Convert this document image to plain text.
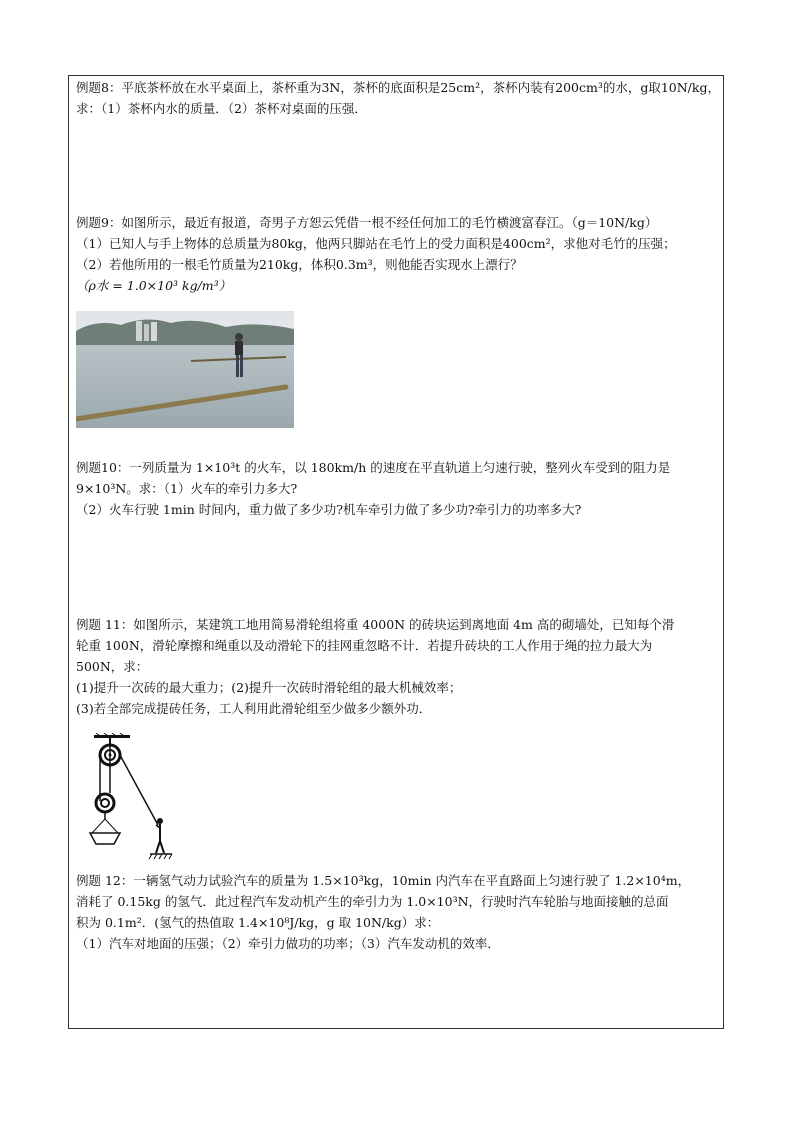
例题8：平底茶杯放在水平桌面上，茶杯重为3N，茶杯的底面积是25cm²，茶杯内装有200cm³的水，g取10N/kg，
求：（1）茶杯内水的质量．（2）茶杯对桌面的压强．
例题9：如图所示，最近有报道，奇男子方恕云凭借一根不经任何加工的毛竹横渡富春江。（g＝10N/kg）
（1）已知人与手上物体的总质量为80kg，他两只脚站在毛竹上的受力面积是400cm²，求他对毛竹的压强；
（2）若他所用的一根毛竹质量为210kg，体积0.3m³，则他能否实现水上漂行？
（ρ水 = 1.0×10³ kg/m³）
例题10：一列质量为 1×10³t 的火车，以 180km/h 的速度在平直轨道上匀速行驶，整列火车受到的阻力是
9×10³N。求：（1）火车的牵引力多大?
（2）火车行驶 1min 时间内，重力做了多少功?机车牵引力做了多少功?牵引力的功率多大?
例题 11：如图所示，某建筑工地用简易滑轮组将重 4000N 的砖块运到离地面 4m 高的砌墙处，已知每个滑
轮重 100N，滑轮摩擦和绳重以及动滑轮下的挂网重忽略不计．若提升砖块的工人作用于绳的拉力最大为
500N，求：
(1)提升一次砖的最大重力；(2)提升一次砖时滑轮组的最大机械效率；
(3)若全部完成提砖任务，工人利用此滑轮组至少做多少额外功．
例题 12：一辆氢气动力试验汽车的质量为 1.5×10³kg，10min 内汽车在平直路面上匀速行驶了 1.2×10⁴m，
消耗了 0.15kg 的氢气．此过程汽车发动机产生的牵引力为 1.0×10³N，行驶时汽车轮胎与地面接触的总面
积为 0.1m²．(氢气的热值取 1.4×10⁸J/kg，g 取 10N/kg）求：
（1）汽车对地面的压强；（2）牵引力做功的功率；（3）汽车发动机的效率．
